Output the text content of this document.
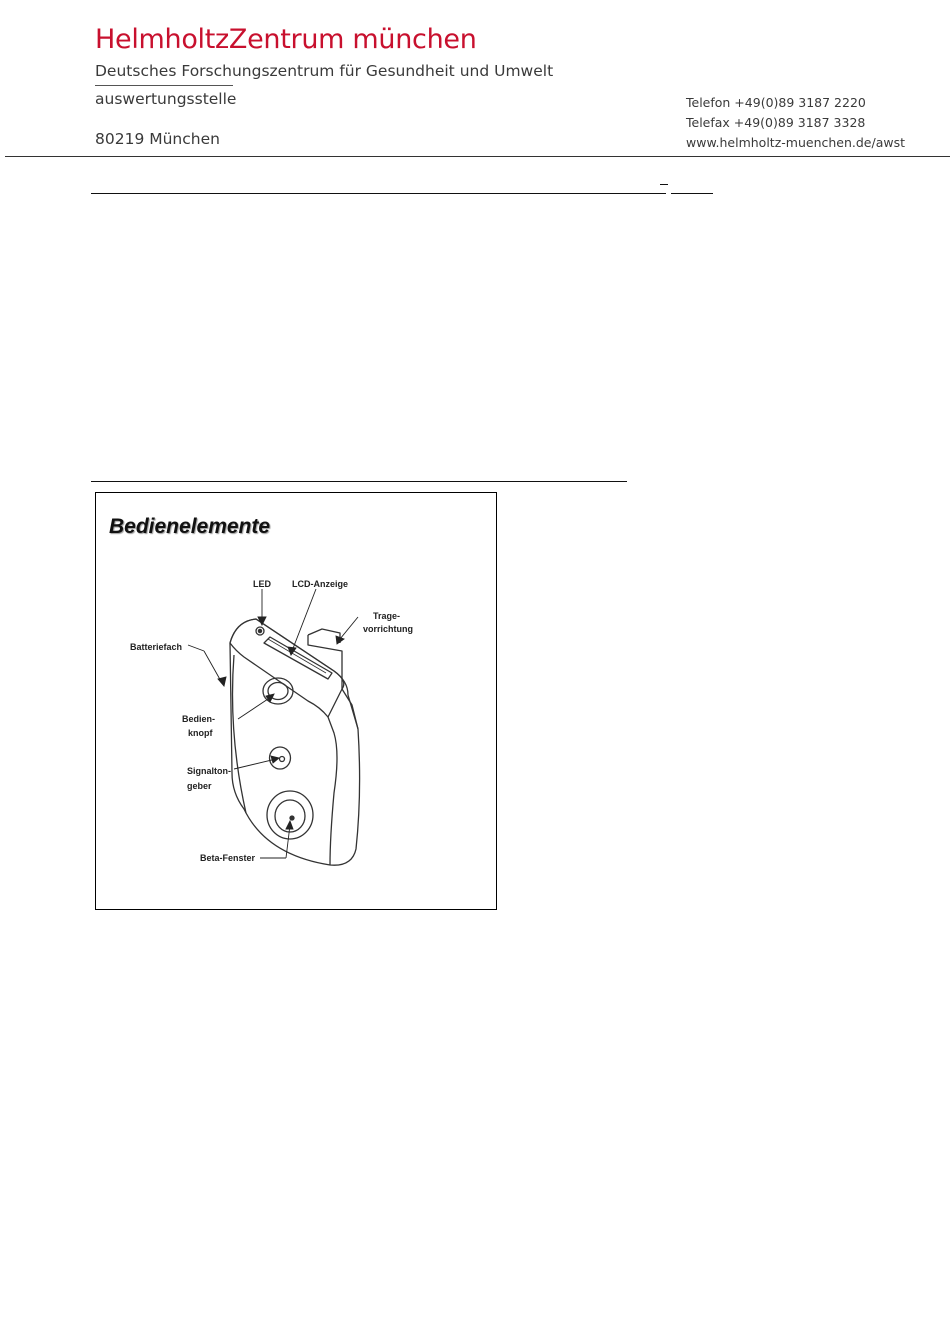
HelmholtzZentrum münchen
Deutsches Forschungszentrum für Gesundheit und Umwelt
auswertungsstelle
80219 München
Telefon +49(0)89 3187 2220
Telefax +49(0)89 3187 3328
www.helmholtz-muenchen.de/awst
Bedienelemente
LED LCD-Anzeige
Trage-
vorrichtung
Batteriefach
Bedien-
knopf
Signalton-
geber
Beta-Fenster
